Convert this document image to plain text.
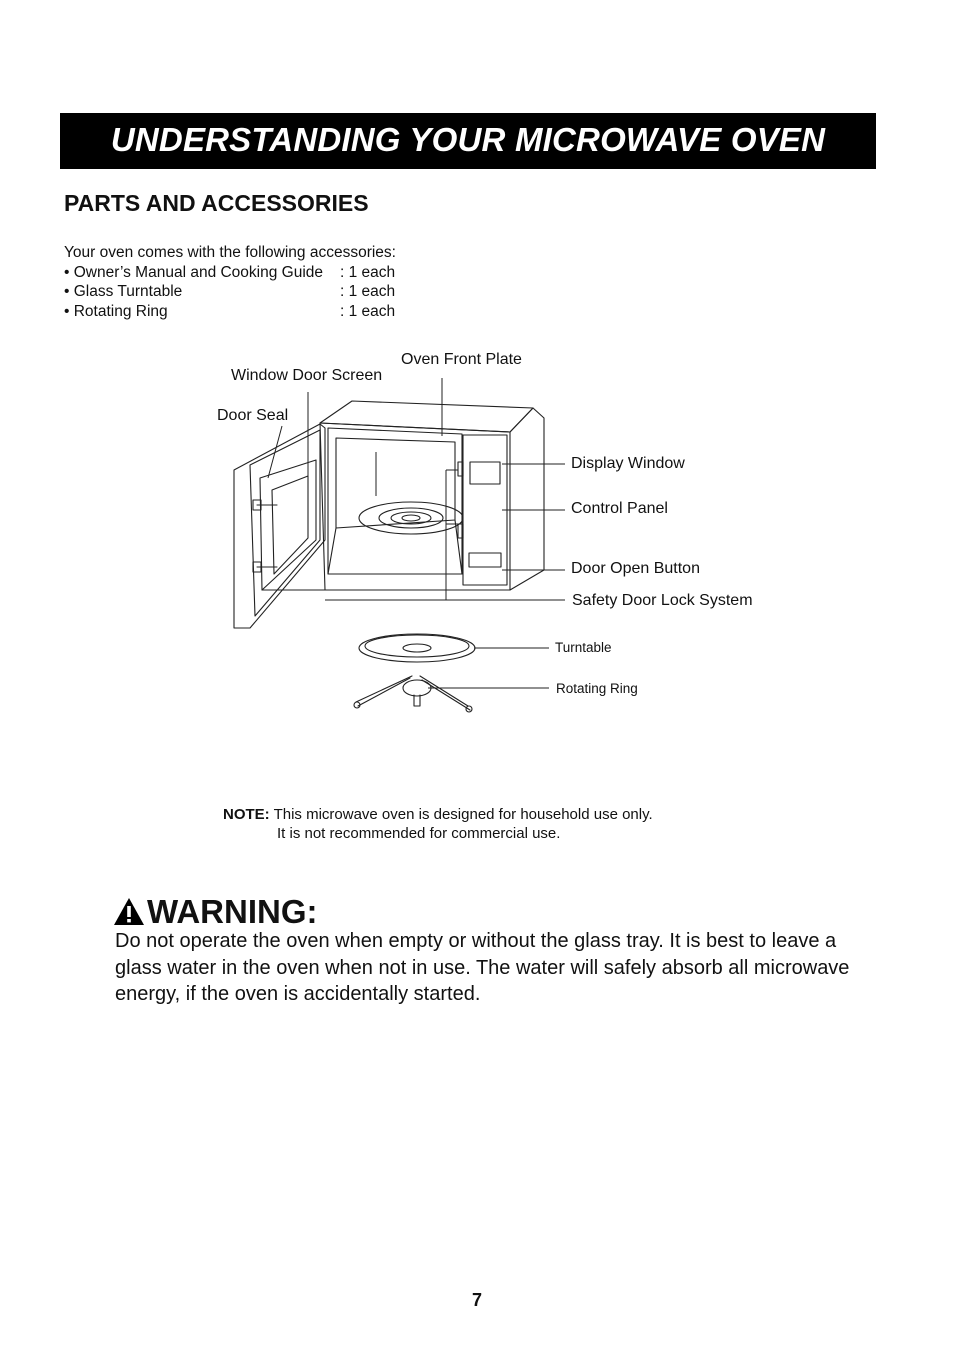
UNDERSTANDING YOUR MICROWAVE OVEN
PARTS AND ACCESSORIES
Your oven comes with the following accessories:
• Owner’s Manual and Cooking Guide : 1 each
• Glass Turntable	: 1 each
• Rotating Ring	: 1 each
Oven Front Plate
Window Door Screen
Door Seal
Display Window
Control Panel
Door Open Button
Safety Door Lock System
Turntable
Rotating Ring
NOTE: This microwave oven is designed for household use only.
It is not recommended for commercial use.
WARNING:
Do not operate the oven when empty or without the glass tray. It is best to leave a glass water in the oven when not in use. The water will safely absorb all microwave energy, if the oven is accidentally started.
7
